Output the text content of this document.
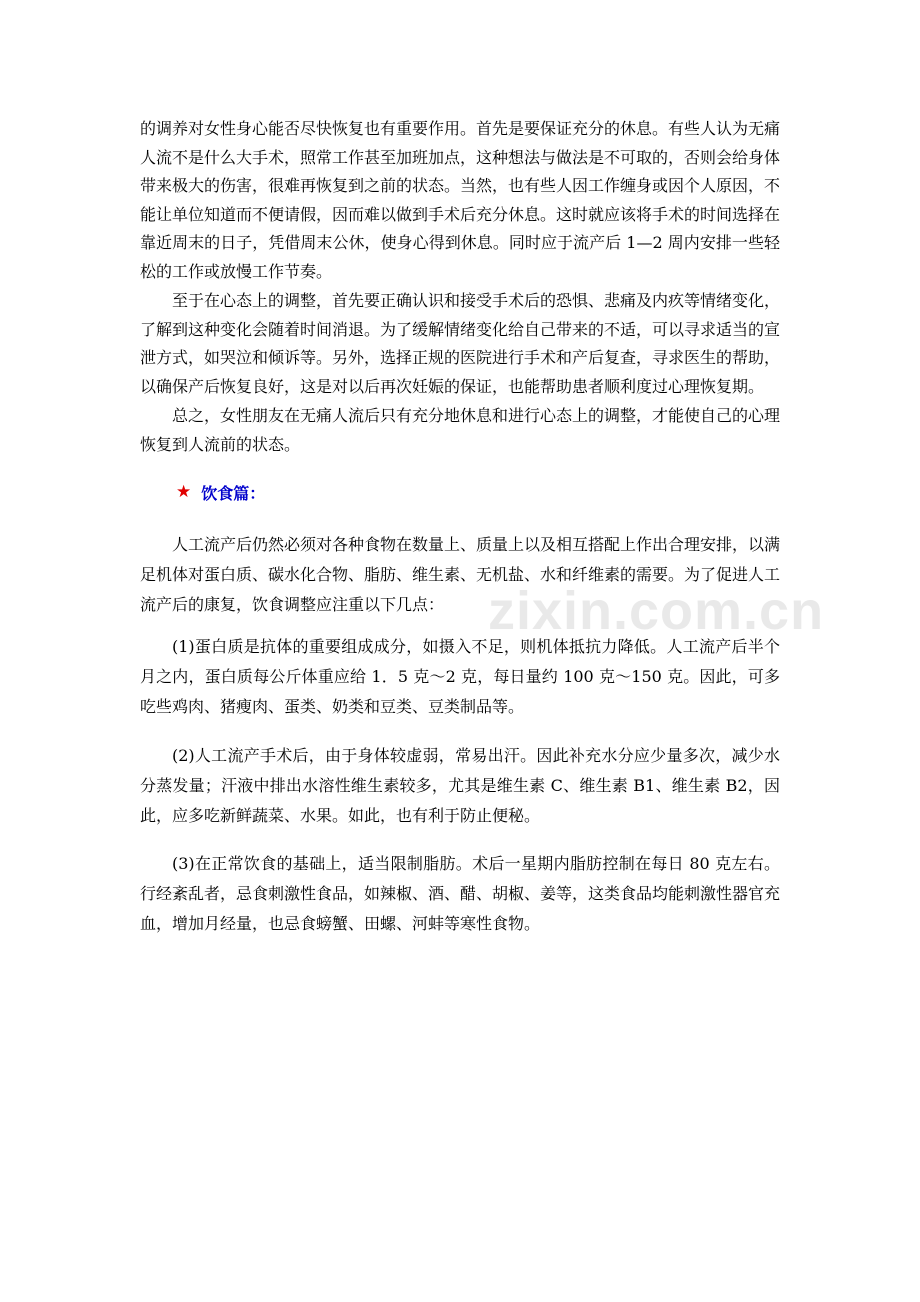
的调养对女性身心能否尽快恢复也有重要作用。首先是要保证充分的休息。有些人认为无痛人流不是什么大手术，照常工作甚至加班加点，这种想法与做法是不可取的，否则会给身体带来极大的伤害，很难再恢复到之前的状态。当然，也有些人因工作缠身或因个人原因，不能让单位知道而不便请假，因而难以做到手术后充分休息。这时就应该将手术的时间选择在靠近周末的日子，凭借周末公休，使身心得到休息。同时应于流产后 1—2 周内安排一些轻松的工作或放慢工作节奏。

至于在心态上的调整，首先要正确认识和接受手术后的恐惧、悲痛及内疚等情绪变化，了解到这种变化会随着时间消退。为了缓解情绪变化给自己带来的不适，可以寻求适当的宣泄方式，如哭泣和倾诉等。另外，选择正规的医院进行手术和产后复查，寻求医生的帮助，以确保产后恢复良好，这是对以后再次妊娠的保证，也能帮助患者顺利度过心理恢复期。

总之，女性朋友在无痛人流后只有充分地休息和进行心态上的调整，才能使自己的心理恢复到人流前的状态。

★ 饮食篇：

人工流产后仍然必须对各种食物在数量上、质量上以及相互搭配上作出合理安排，以满足机体对蛋白质、碳水化合物、脂肪、维生素、无机盐、水和纤维素的需要。为了促进人工流产后的康复，饮食调整应注重以下几点：

(1)蛋白质是抗体的重要组成成分，如摄入不足，则机体抵抗力降低。人工流产后半个月之内，蛋白质每公斤体重应给 1．5 克～2 克，每日量约 100 克～150 克。因此，可多吃些鸡肉、猪瘦肉、蛋类、奶类和豆类、豆类制品等。

(2)人工流产手术后，由于身体较虚弱，常易出汗。因此补充水分应少量多次，减少水分蒸发量；汗液中排出水溶性维生素较多，尤其是维生素 C、维生素 B1、维生素 B2，因此，应多吃新鲜蔬菜、水果。如此，也有利于防止便秘。

(3)在正常饮食的基础上，适当限制脂肪。术后一星期内脂肪控制在每日 80 克左右。行经紊乱者，忌食刺激性食品，如辣椒、酒、醋、胡椒、姜等，这类食品均能刺激性器官充血，增加月经量，也忌食螃蟹、田螺、河蚌等寒性食物。

zixin.com.cn
